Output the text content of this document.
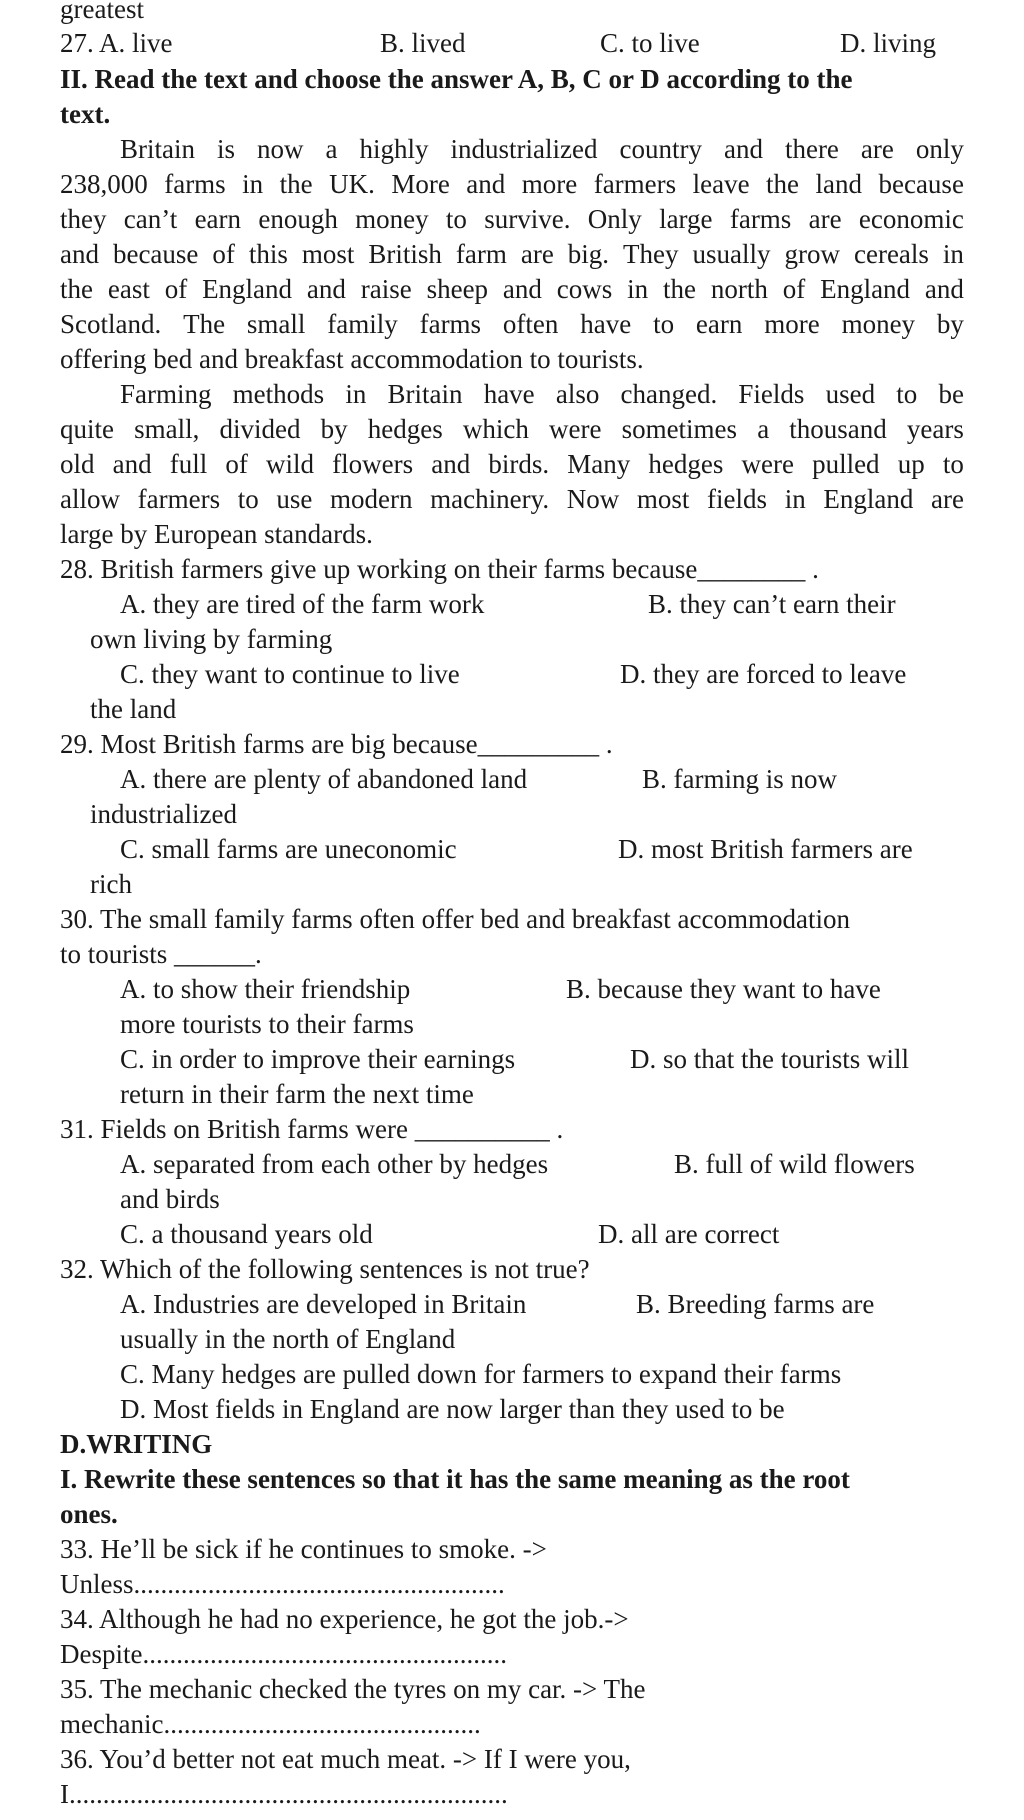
greatest
27. A. live	B. lived	C. to live	D. living
II. Read the text and choose the answer A, B, C or D according to the
text.
Britain is now a highly industrialized country and there are only
238,000 farms in the UK. More and more farmers leave the land because
they can’t earn enough money to survive. Only large farms are economic
and because of this most British farm are big. They usually grow cereals in
the east of England and raise sheep and cows in the north of England and
Scotland. The small family farms often have to earn more money by
offering bed and breakfast accommodation to tourists.
Farming methods in Britain have also changed. Fields used to be
quite small, divided by hedges which were sometimes a thousand years
old and full of wild flowers and birds. Many hedges were pulled up to
allow farmers to use modern machinery. Now most fields in England are
large by European standards.
28. British farmers give up working on their farms because________ .
A. they are tired of the farm work	B. they can’t earn their
own living by farming
C. they want to continue to live	D. they are forced to leave
the land
29. Most British farms are big because_________ .
A. there are plenty of abandoned land	B. farming is now
industrialized
C. small farms are uneconomic	D. most British farmers are
rich
30. The small family farms often offer bed and breakfast accommodation
to tourists ______.
A. to show their friendship	B. because they want to have
more tourists to their farms
C. in order to improve their earnings	D. so that the tourists will
return in their farm the next time
31. Fields on British farms were __________ .
A. separated from each other by hedges	B. full of wild flowers
and birds
C. a thousand years old	D. all are correct
32. Which of the following sentences is not true?
A. Industries are developed in Britain	B. Breeding farms are
usually in the north of England
C. Many hedges are pulled down for farmers to expand their farms
D. Most fields in England are now larger than they used to be
D.WRITING
I. Rewrite these sentences so that it has the same meaning as the root
ones.
33. He’ll be sick if he continues to smoke. ->
Unless.......................................................
34. Although he had no experience, he got the job.->
Despite......................................................
35. The mechanic checked the tyres on my car. -> The
mechanic...............................................
36. You’d better not eat much meat. -> If I were you,
I.................................................................
